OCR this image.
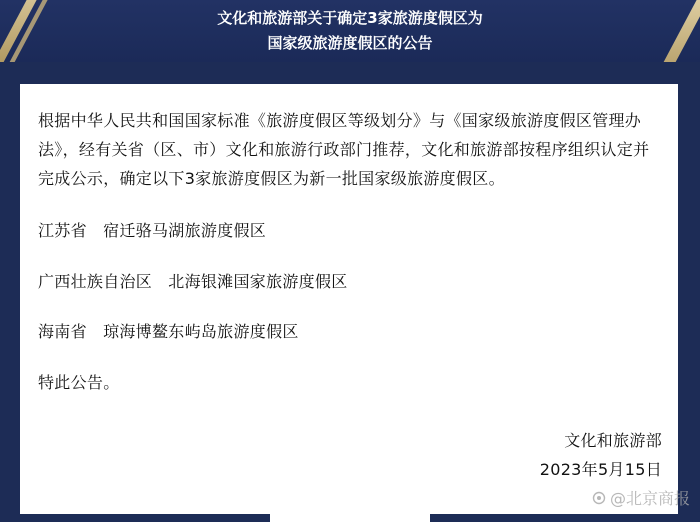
文化和旅游部关于确定3家旅游度假区为
国家级旅游度假区的公告

根据中华人民共和国国家标准《旅游度假区等级划分》与《国家级旅游度假区管理办法》，经有关省（区、市）文化和旅游行政部门推荐，文化和旅游部按程序组织认定并完成公示，确定以下3家旅游度假区为新一批国家级旅游度假区。

江苏省 宿迁骆马湖旅游度假区
广西壮族自治区 北海银滩国家旅游度假区
海南省 琼海博鳌东屿岛旅游度假区
特此公告。
文化和旅游部
2023年5月15日
@北京商报
